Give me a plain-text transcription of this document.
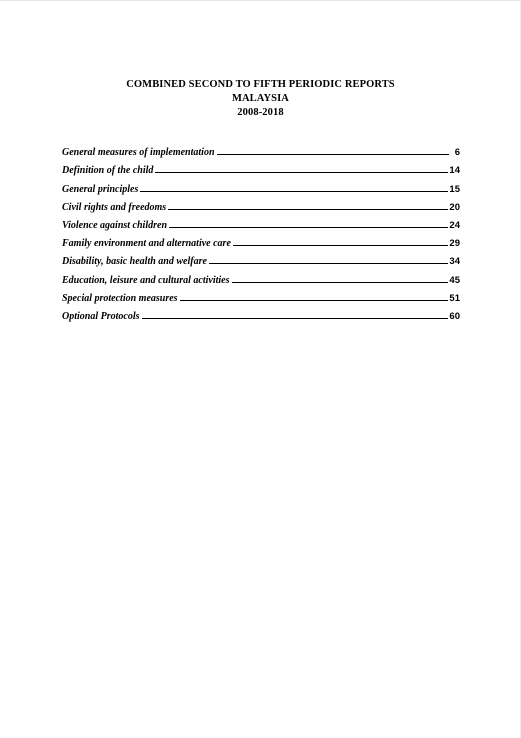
COMBINED SECOND TO FIFTH PERIODIC REPORTS
MALAYSIA
2008-2018
General measures of implementation	6
Definition of the child	14
General principles	15
Civil rights and freedoms	20
Violence against children	24
Family environment and alternative care	29
Disability, basic health and welfare	34
Education, leisure and cultural activities	45
Special protection measures	51
Optional Protocols	60
